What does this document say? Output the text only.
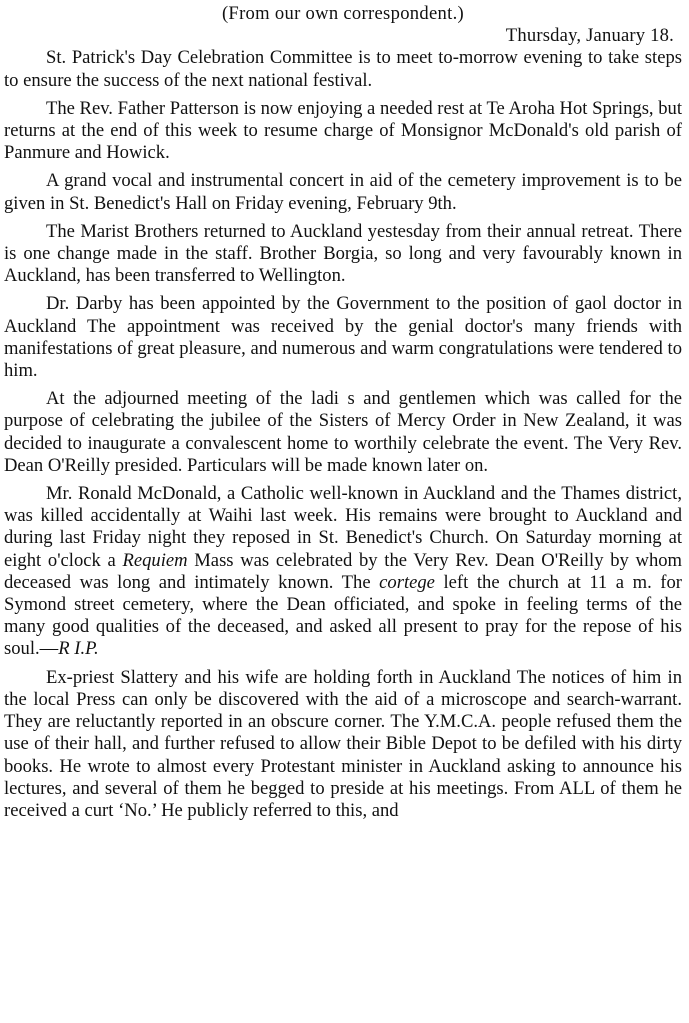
(From our own correspondent.)

Thursday, January 18.

St. Patrick's Day Celebration Committee is to meet to-morrow evening to take steps to ensure the success of the next national festival.

The Rev. Father Patterson is now enjoying a needed rest at Te Aroha Hot Springs, but returns at the end of this week to resume charge of Monsignor McDonald's old parish of Panmure and Howick.

A grand vocal and instrumental concert in aid of the cemetery improvement is to be given in St. Benedict's Hall on Friday evening, February 9th.

The Marist Brothers returned to Auckland yestesday from their annual retreat. There is one change made in the staff. Brother Borgia, so long and very favourably known in Auckland, has been transferred to Wellington.

Dr. Darby has been appointed by the Government to the position of gaol doctor in Auckland The appointment was received by the genial doctor's many friends with manifestations of great pleasure, and numerous and warm congratulations were tendered to him.

At the adjourned meeting of the ladi s and gentlemen which was called for the purpose of celebrating the jubilee of the Sisters of Mercy Order in New Zealand, it was decided to inaugurate a convalescent home to worthily celebrate the event. The Very Rev. Dean O'Reilly presided. Particulars will be made known later on.

Mr. Ronald McDonald, a Catholic well-known in Auckland and the Thames district, was killed accidentally at Waihi last week. His remains were brought to Auckland and during last Friday night they reposed in St. Benedict's Church. On Saturday morning at eight o'clock a Requiem Mass was celebrated by the Very Rev. Dean O'Reilly by whom deceased was long and intimately known. The cortege left the church at 11 a m. for Symond street cemetery, where the Dean officiated, and spoke in feeling terms of the many good qualities of the deceased, and asked all present to pray for the repose of his soul.—R I.P.

Ex-priest Slattery and his wife are holding forth in Auckland The notices of him in the local Press can only be discovered with the aid of a microscope and search-warrant. They are reluctantly reported in an obscure corner. The Y.M.C.A. people refused them the use of their hall, and further refused to allow their Bible Depot to be defiled with his dirty books. He wrote to almost every Protestant minister in Auckland asking to announce his lectures, and several of them he begged to preside at his meetings. From ALL of them he received a curt ‘No.’ He publicly referred to this, and
